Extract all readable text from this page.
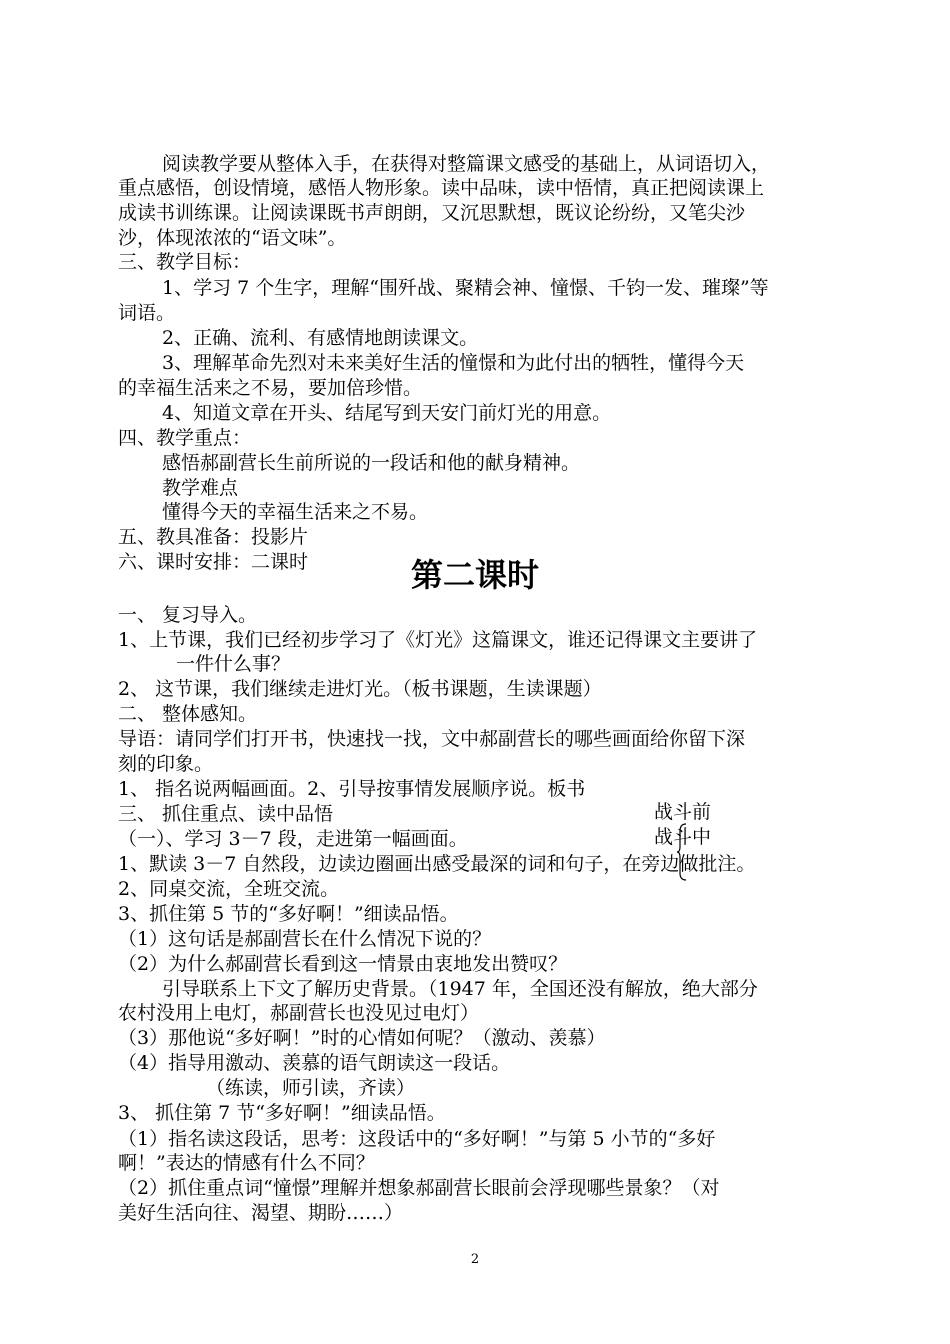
阅读教学要从整体入手，在获得对整篇课文感受的基础上，从词语切入，
重点感悟，创设情境，感悟人物形象。读中品味，读中悟情，真正把阅读课上
成读书训练课。让阅读课既书声朗朗，又沉思默想，既议论纷纷，又笔尖沙
沙，体现浓浓的“语文味”。
三、教学目标：
1、学习 7 个生字，理解“围歼战、聚精会神、憧憬、千钧一发、璀璨”等
词语。
2、正确、流利、有感情地朗读课文。
3、理解革命先烈对未来美好生活的憧憬和为此付出的牺牲，懂得今天
的幸福生活来之不易，要加倍珍惜。
4、知道文章在开头、结尾写到天安门前灯光的用意。
四、教学重点：
感悟郝副营长生前所说的一段话和他的献身精神。
教学难点
懂得今天的幸福生活来之不易。
五、教具准备：投影片
六、课时安排：二课时
一、 复习导入。
1、上节课，我们已经初步学习了《灯光》这篇课文，谁还记得课文主要讲了
一件什么事？
2、 这节课，我们继续走进灯光。（板书课题，生读课题）
二、 整体感知。
导语：请同学们打开书，快速找一找，文中郝副营长的哪些画面给你留下深
刻的印象。
1、 指名说两幅画面。2、引导按事情发展顺序说。板书
三、 抓住重点、读中品悟
（一）、学习 3－7 段，走进第一幅画面。
1、默读 3－7 自然段，边读边圈画出感受最深的词和句子，在旁边做批注。
2、同桌交流，全班交流。
3、抓住第 5 节的“多好啊！”细读品悟。
（1）这句话是郝副营长在什么情况下说的？
（2）为什么郝副营长看到这一情景由衷地发出赞叹？
引导联系上下文了解历史背景。（1947 年，全国还没有解放，绝大部分
农村没用上电灯，郝副营长也没见过电灯）
（3）那他说“多好啊！”时的心情如何呢？（激动、羡慕）
（4）指导用激动、羡慕的语气朗读这一段话。
（练读，师引读，齐读）
3、 抓住第 7 节“多好啊！”细读品悟。
（1）指名读这段话，思考：这段话中的“多好啊！”与第 5 小节的“多好
啊！”表达的情感有什么不同？
（2）抓住重点词“憧憬”理解并想象郝副营长眼前会浮现哪些景象？（对
美好生活向往、渴望、期盼……）
第二课时
战斗前
战斗中
2
